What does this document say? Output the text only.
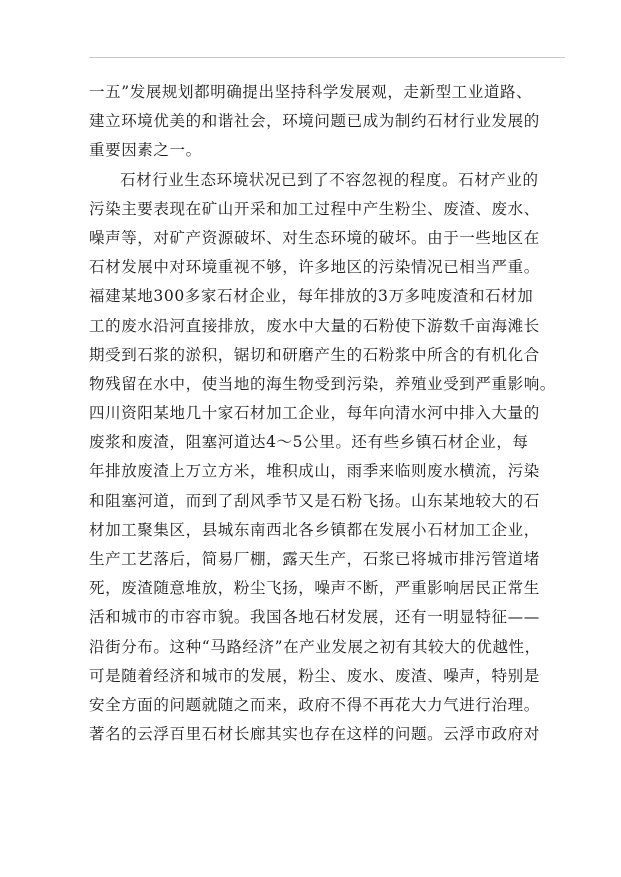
一五”发展规划都明确提出坚持科学发展观，走新型工业道路、
建立环境优美的和谐社会，环境问题已成为制约石材行业发展的
重要因素之一。
石材行业生态环境状况已到了不容忽视的程度。石材产业的
污染主要表现在矿山开采和加工过程中产生粉尘、废渣、废水、
噪声等，对矿产资源破坏、对生态环境的破坏。由于一些地区在
石材发展中对环境重视不够，许多地区的污染情况已相当严重。
福建某地300多家石材企业，每年排放的3万多吨废渣和石材加
工的废水沿河直接排放，废水中大量的石粉使下游数千亩海滩长
期受到石浆的淤积，锯切和研磨产生的石粉浆中所含的有机化合
物残留在水中，使当地的海生物受到污染，养殖业受到严重影响。
四川资阳某地几十家石材加工企业，每年向清水河中排入大量的
废浆和废渣，阻塞河道达4～5公里。还有些乡镇石材企业，每
年排放废渣上万立方米，堆积成山，雨季来临则废水横流，污染
和阻塞河道，而到了刮风季节又是石粉飞扬。山东某地较大的石
材加工聚集区，县城东南西北各乡镇都在发展小石材加工企业，
生产工艺落后，简易厂棚，露天生产，石浆已将城市排污管道堵
死，废渣随意堆放，粉尘飞扬，噪声不断，严重影响居民正常生
活和城市的市容市貌。我国各地石材发展，还有一明显特征——
沿街分布。这种“马路经济”在产业发展之初有其较大的优越性，
可是随着经济和城市的发展，粉尘、废水、废渣、噪声，特别是
安全方面的问题就随之而来，政府不得不再花大力气进行治理。
著名的云浮百里石材长廊其实也存在这样的问题。云浮市政府对
